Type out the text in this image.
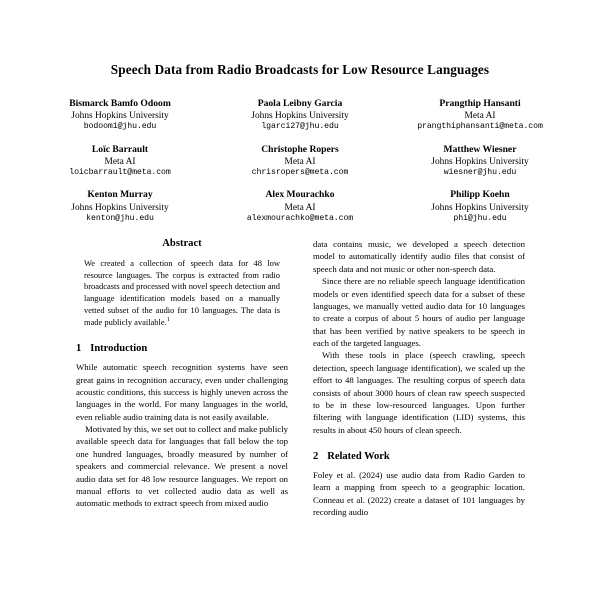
Speech Data from Radio Broadcasts for Low Resource Languages
Bismarck Bamfo Odoom
Johns Hopkins University
bodoom1@jhu.edu
Paola Leibny Garcia
Johns Hopkins University
lgarci27@jhu.edu
Prangthip Hansanti
Meta AI
prangthiphansanti@meta.com
Loïc Barrault
Meta AI
loicbarrault@meta.com
Christophe Ropers
Meta AI
chrisropers@meta.com
Matthew Wiesner
Johns Hopkins University
wiesner@jhu.edu
Kenton Murray
Johns Hopkins University
kenton@jhu.edu
Alex Mourachko
Meta AI
alexmourachko@meta.com
Philipp Koehn
Johns Hopkins University
phi@jhu.edu
Abstract

We created a collection of speech data for 48 low resource languages. The corpus is extracted from radio broadcasts and processed with novel speech detection and language identification models based on a manually vetted subset of the audio for 10 languages. The data is made publicly available.$^1$

1 Introduction

While automatic speech recognition systems have seen great gains in recognition accuracy, even under challenging acoustic conditions, this success is highly uneven across the languages in the world. For many languages in the world, even reliable audio training data is not easily available.

Motivated by this, we set out to collect and make publicly available speech data for languages that fall below the top one hundred languages, broadly measured by number of speakers and commercial relevance. We present a novel audio data set for 48 low resource languages. We report on manual efforts to vet collected audio data as well as automatic methods to extract speech from mixed audio

data contains music, we developed a speech detection model to automatically identify audio files that consist of speech data and not music or other non-speech data.

Since there are no reliable speech language identification models or even identified speech data for a subset of these languages, we manually vetted audio data for 10 languages to create a corpus of about 5 hours of audio per language that has been verified by native speakers to be speech in each of the targeted languages.

With these tools in place (speech crawling, speech detection, speech language identification), we scaled up the effort to 48 languages. The resulting corpus of speech data consists of about 3000 hours of clean raw speech suspected to be in these low-resourced languages. Upon further filtering with language identification (LID) systems, this results in about 450 hours of clean speech.

2 Related Work

Foley et al. (2024) use audio data from Radio Garden to learn a mapping from speech to a geographic location. Conneau et al. (2022) create a dataset of 101 languages by recording audio
